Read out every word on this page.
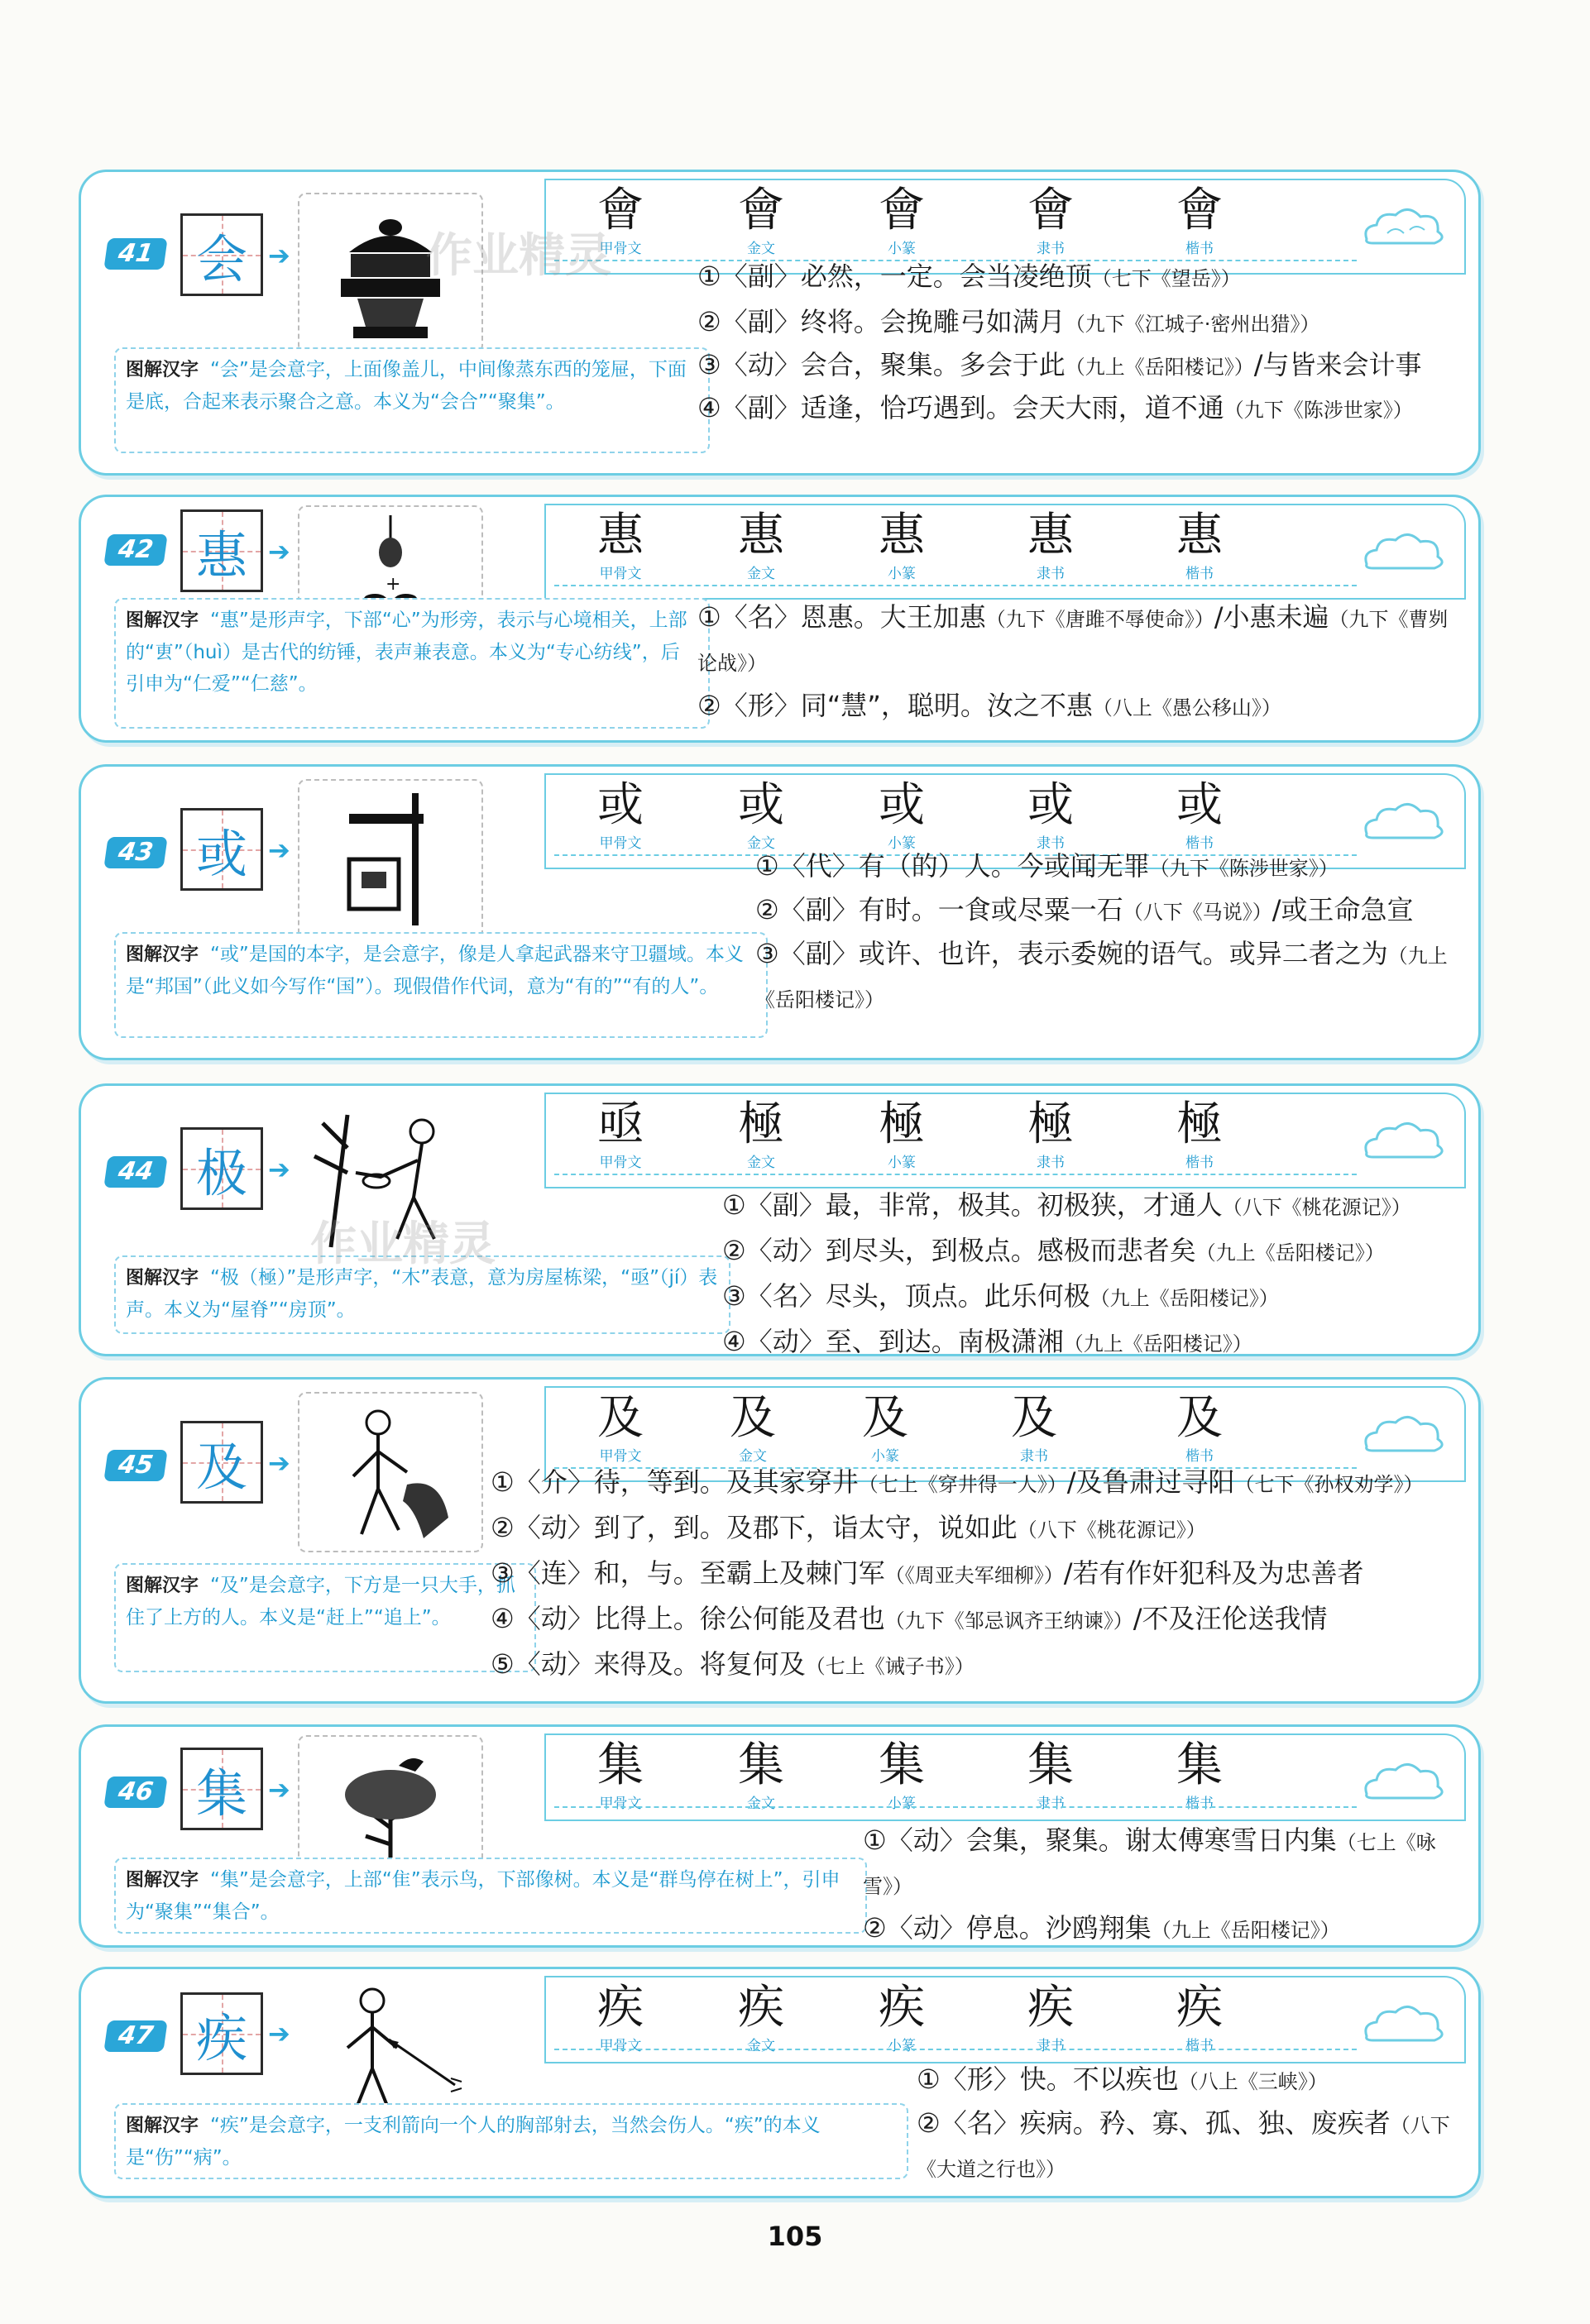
41 会 ➔
會
甲骨文
會
金文
會
小篆
會
隶书
會
楷书
图解汉字 “会”是会意字，上面像盖儿，中间像蒸东西的笼屉，下面是底，合起来表示聚合之意。本义为“会合”“聚集”。
①〈副〉必然，一定。会当凌绝顶（七下《望岳》）
②〈副〉终将。会挽雕弓如满月（九下《江城子·密州出猎》）
③〈动〉会合，聚集。多会于此（九上《岳阳楼记》）/与皆来会计事
④〈副〉适逢，恰巧遇到。会天大雨，道不通（九下《陈涉世家》）
42 惠 ➔
+
惠
甲骨文
惠
金文
惠
小篆
惠
隶书
惠
楷书
图解汉字 “惠”是形声字，下部“心”为形旁，表示与心境相关，上部的“叀”（huì）是古代的纺锤，表声兼表意。本义为“专心纺线”，后引申为“仁爱”“仁慈”。
①〈名〉恩惠。大王加惠（九下《唐雎不辱使命》）/小惠未遍（九下《曹刿论战》）
②〈形〉同“慧”，聪明。汝之不惠（八上《愚公移山》）
43 或 ➔
或
甲骨文
或
金文
或
小篆
或
隶书
或
楷书
图解汉字 “或”是国的本字，是会意字，像是人拿起武器来守卫疆域。本义是“邦国”（此义如今写作“国”）。现假借作代词，意为“有的”“有的人”。
①〈代〉有（的）人。今或闻无罪（九下《陈涉世家》）
②〈副〉有时。一食或尽粟一石（八下《马说》）/或王命急宣
③〈副〉或许、也许，表示委婉的语气。或异二者之为（九上《岳阳楼记》）
44 极 ➔
亟
甲骨文
極
金文
極
小篆
極
隶书
極
楷书
图解汉字 “极（極）”是形声字，“木”表意，意为房屋栋梁，“亟”（jí）表声。本义为“屋脊”“房顶”。
①〈副〉最，非常，极其。初极狭，才通人（八下《桃花源记》）
②〈动〉到尽头，到极点。感极而悲者矣（九上《岳阳楼记》）
③〈名〉尽头，顶点。此乐何极（九上《岳阳楼记》）
④〈动〉至、到达。南极潇湘（九上《岳阳楼记》）
45 及 ➔
及
甲骨文
及
金文
及
小篆
及
隶书
及
楷书
图解汉字 “及”是会意字，下方是一只大手，抓住了上方的人。本义是“赶上”“追上”。
①〈介〉待，等到。及其家穿井（七上《穿井得一人》）/及鲁肃过寻阳（七下《孙权劝学》）
②〈动〉到了，到。及郡下，诣太守，说如此（八下《桃花源记》）
③〈连〉和，与。至霸上及棘门军（《周亚夫军细柳》）/若有作奸犯科及为忠善者
④〈动〉比得上。徐公何能及君也（九下《邹忌讽齐王纳谏》）/不及汪伦送我情
⑤〈动〉来得及。将复何及（七上《诫子书》）
46 集 ➔	集
甲骨文
集
金文
集
小篆
集
隶书
集
楷书
图解汉字 “集”是会意字，上部“隹”表示鸟，下部像树。本义是“群鸟停在树上”，引申为“聚集”“集合”。
①〈动〉会集，聚集。谢太傅寒雪日内集（七上《咏雪》）
②〈动〉停息。沙鸥翔集（九上《岳阳楼记》）
47 疾 ➔	疾
甲骨文
疾
金文
疾
小篆
疾
隶书
疾
楷书
图解汉字 “疾”是会意字，一支利箭向一个人的胸部射去，当然会伤人。“疾”的本义是“伤”“病”。
①〈形〉快。不以疾也（八上《三峡》）
②〈名〉疾病。矜、寡、孤、独、废疾者（八下《大道之行也》）
作业精灵
作业精灵
105
